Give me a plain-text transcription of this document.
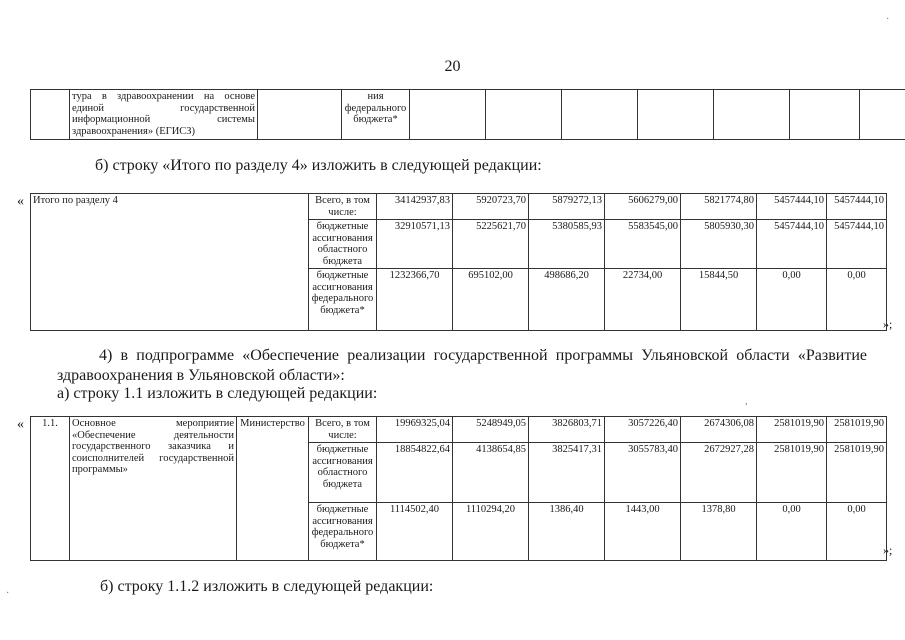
20
·
·
,
	тура в здравоохранении на основе единой государственной информационной системы здравоохранения» (ЕГИСЗ)		ния федерального бюджета*							
б) строку «Итого по разделу 4» изложить в следующей редакции:
«
»;
Итого по разделу 4	Всего, в том числе:	34142937,83	5920723,70	5879272,13	5606279,00	5821774,80	5457444,10	5457444,10
	бюджетные ассигнования областного бюджета	32910571,13	5225621,70	5380585,93	5583545,00	5805930,30	5457444,10	5457444,10
	бюджетные ассигнования федерального бюджета*	1232366,70	695102,00	498686,20	22734,00	15844,50	0,00	0,00
4) в подпрограмме «Обеспечение реализации государственной программы Ульяновской области «Развитие
здравоохранения в Ульяновской области»:
а) строку 1.1 изложить в следующей редакции:
«
»;
1.1.	Основное мероприятие «Обеспечение деятельности государственного заказчика и соисполнителей государственной программы»	Министерство	Всего, в том числе:	19969325,04	5248949,05	3826803,71	3057226,40	2674306,08	2581019,90	2581019,90
			бюджетные ассигнования областного бюджета	18854822,64	4138654,85	3825417,31	3055783,40	2672927,28	2581019,90	2581019,90
			бюджетные ассигнования федерального бюджета*	1114502,40	1110294,20	1386,40	1443,00	1378,80	0,00	0,00
б) строку 1.1.2 изложить в следующей редакции:
